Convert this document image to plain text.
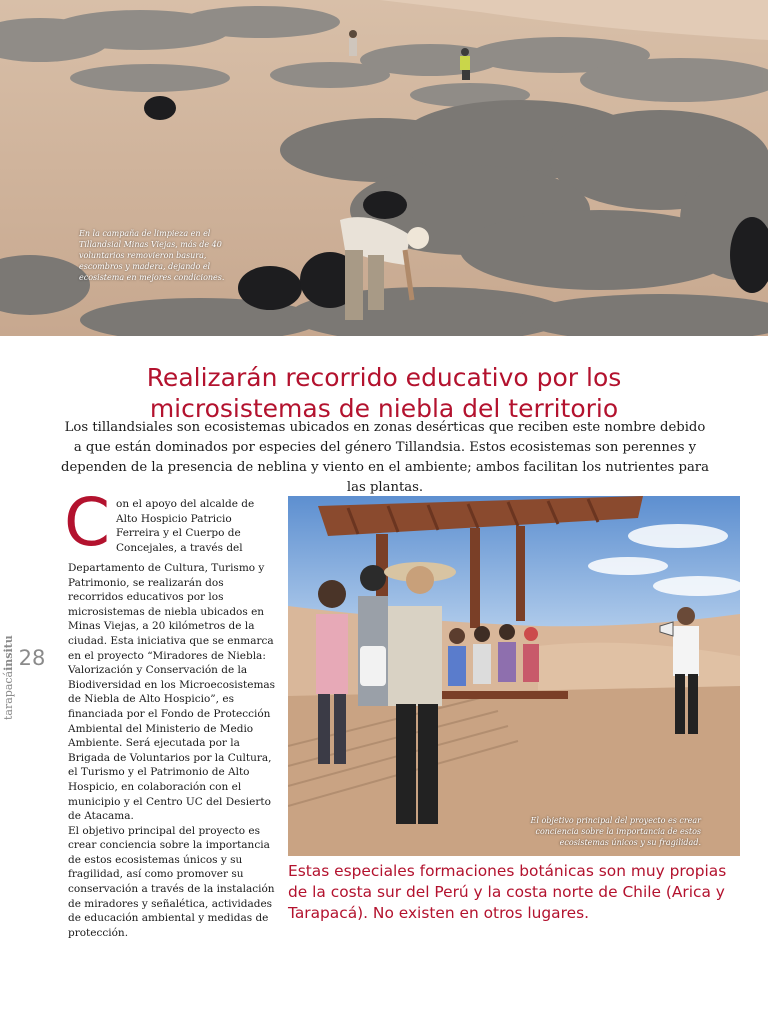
En la campaña de limpieza en el Tillandsial Minas Viejas, más de 40 voluntarios removieron basura, escombros y madera, dejando el ecosistema en mejores condiciones.
Realizarán recorrido educativo por los
microsistemas de niebla del territorio

Los tillandsiales son ecosistemas ubicados en zonas desérticas que reciben este nombre debido a que están dominados por especies del género Tillandsia. Estos ecosistemas son perennes y dependen de la presencia de neblina y viento en el ambiente; ambos facilitan los nutrientes para las plantas.

28
tarapacáinsitu
C on el apoyo del alcalde de Alto Hospicio Patricio Ferreira y el Cuerpo de Concejales, a través del

Departamento de Cultura, Turismo y Patrimonio, se realizarán dos recorridos educativos por los microsistemas de niebla ubicados en Minas Viejas, a 20 kilómetros de la ciudad. Esta iniciativa que se enmarca en el proyecto “Miradores de Niebla: Valorización y Conservación de la Biodiversidad en los Microecosistemas de Niebla de Alto Hospicio”, es financiada por el Fondo de Protección Ambiental del Ministerio de Medio Ambiente. Será ejecutada por la Brigada de Voluntarios por la Cultura, el Turismo y el Patrimonio de Alto Hospicio, en colaboración con el municipio y el Centro UC del Desierto de Atacama.
El objetivo principal del proyecto es crear conciencia sobre la importancia de estos ecosistemas únicos y su fragilidad, así como promover su conservación a través de la instalación de miradores y señalética, actividades de educación ambiental y medidas de protección.
El objetivo principal del proyecto es crear conciencia sobre la importancia de estos ecosistemas únicos y su fragilidad.

Estas especiales formaciones botánicas son muy propias de la costa sur del Perú y la costa norte de Chile (Arica y Tarapacá). No existen en otros lugares.
